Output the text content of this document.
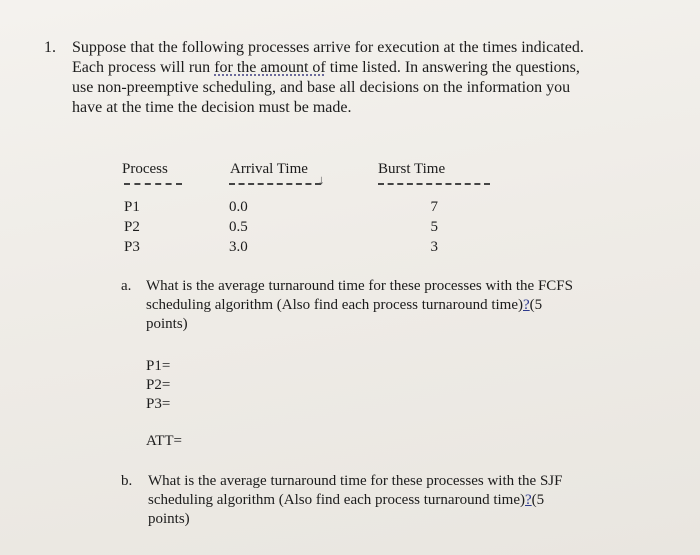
1. Suppose that the following processes arrive for execution at the times indicated.
Each process will run for the amount of time listed. In answering the questions,
use non-preemptive scheduling, and base all decisions on the information you
have at the time the decision must be made.
Process	Arrival Time	Burst Time
↓
P1	0.0	7
P2	0.5	5
P3	3.0	3
a. What is the average turnaround time for these processes with the FCFS
scheduling algorithm (Also find each process turnaround time)?(5
points)
P1=
P2=
P3=
ATT=
b. What is the average turnaround time for these processes with the SJF
scheduling algorithm (Also find each process turnaround time)?(5
points)
